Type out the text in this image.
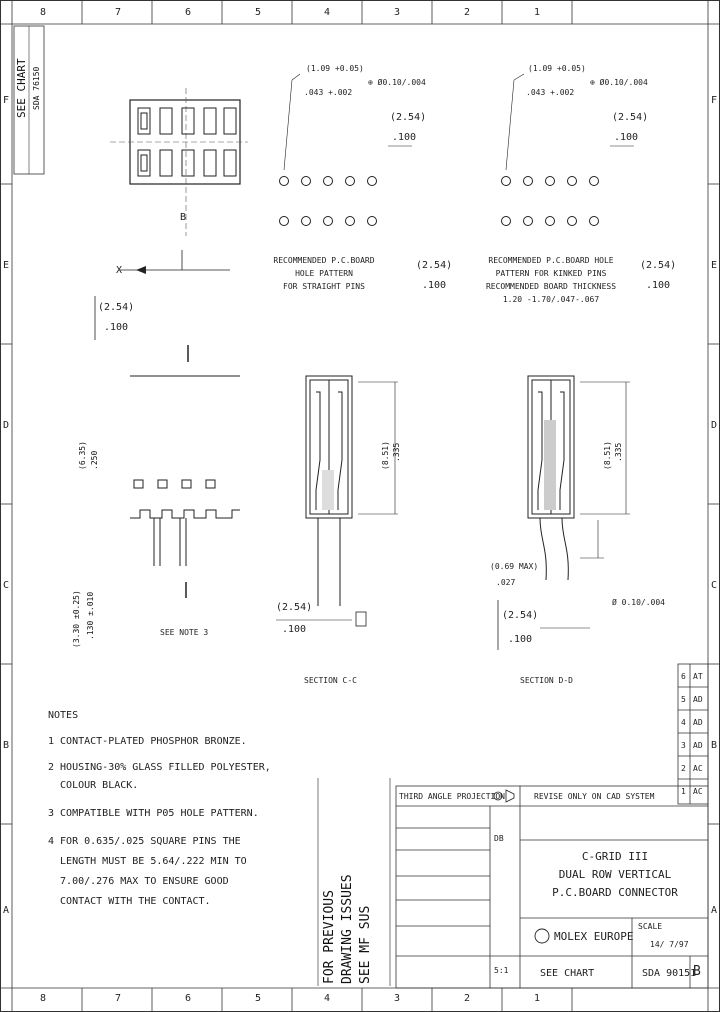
8	7	6	5	4	3	2	1
8	7	6	5	4	3	2	1
F
E
D
C
B
A
F
E
D
C
B
A
SEE CHART SDA 76150
B
X
(2.54)
.100
(1.09 +0.05)
.043 +.002
⊕ Ø0.10/.004
(2.54)
.100
RECOMMENDED P.C.BOARD
HOLE PATTERN
FOR STRAIGHT PINS
(2.54)
.100
(1.09 +0.05)
.043 +.002
⊕ Ø0.10/.004
(2.54)
.100
RECOMMENDED P.C.BOARD HOLE
PATTERN FOR KINKED PINS
RECOMMENDED BOARD THICKNESS
1.20 -1.70/.047-.067
(2.54)
.100
(6.35) .250
(3.30 ±0.25) .130 ±.010	SEE NOTE 3
(2.54)
.100
(8.51) .335
SECTION C-C
(8.51) .335
(0.69 MAX)
.027
(2.54)
.100
Ø 0.10/.004
SECTION D-D
NOTES
1 CONTACT-PLATED PHOSPHOR BRONZE.
2 HOUSING-30% GLASS FILLED POLYESTER,
COLOUR BLACK.
3 COMPATIBLE WITH P05 HOLE PATTERN.
4 FOR 0.635/.025 SQUARE PINS THE
LENGTH MUST BE 5.64/.222 MIN TO
7.00/.276 MAX TO ENSURE GOOD
CONTACT WITH THE CONTACT.	FOR PREVIOUS DRAWING ISSUES SEE MF SUS
6 AT
5 AD
4 AD
3 AD
2 AC
1 AC
THIRD ANGLE PROJECTION	REVISE ONLY ON CAD SYSTEM
DB
C-GRID III
DUAL ROW VERTICAL
P.C.BOARD CONNECTOR
MOLEX EUROPE
SCALE
14/ 7/97
5:1	SEE CHART	SDA 90151
B
